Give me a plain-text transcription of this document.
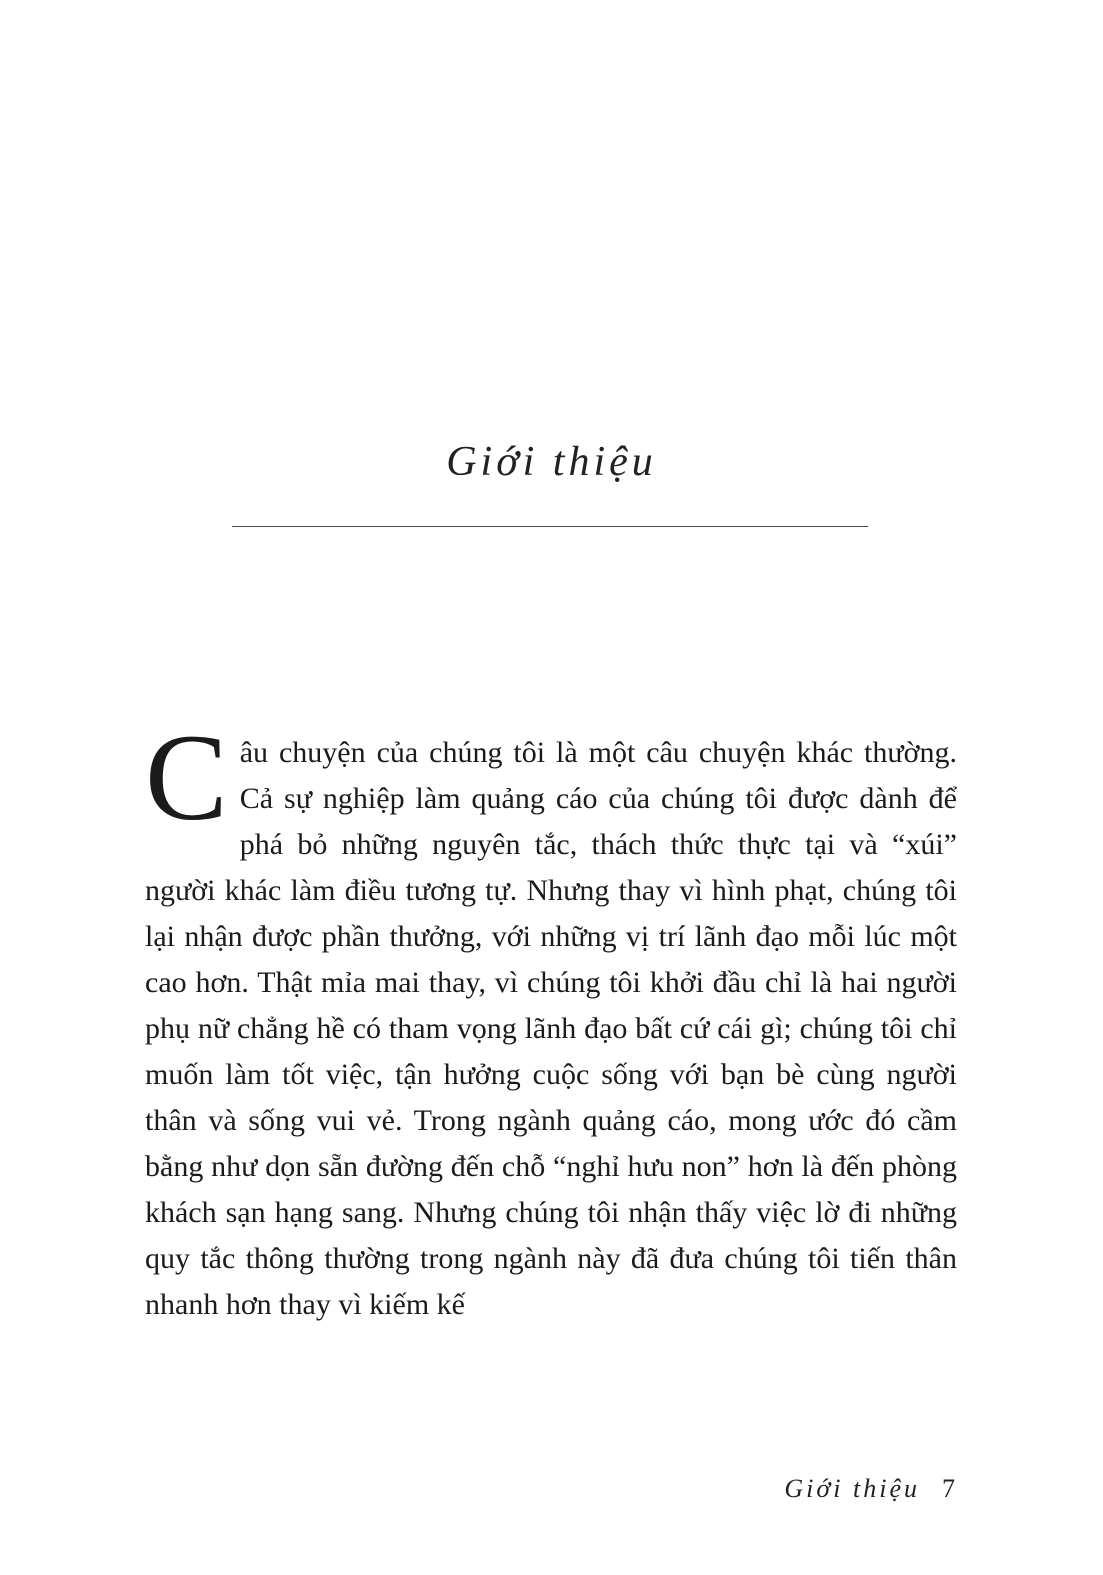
Giới thiệu

Câu chuyện của chúng tôi là một câu chuyện khác thường. Cả sự nghiệp làm quảng cáo của chúng tôi được dành để phá bỏ những nguyên tắc, thách thức thực tại và “xúi” người khác làm điều tương tự. Nhưng thay vì hình phạt, chúng tôi lại nhận được phần thưởng, với những vị trí lãnh đạo mỗi lúc một cao hơn. Thật mỉa mai thay, vì chúng tôi khởi đầu chỉ là hai người phụ nữ chẳng hề có tham vọng lãnh đạo bất cứ cái gì; chúng tôi chỉ muốn làm tốt việc, tận hưởng cuộc sống với bạn bè cùng người thân và sống vui vẻ. Trong ngành quảng cáo, mong ước đó cầm bằng như dọn sẵn đường đến chỗ “nghỉ hưu non” hơn là đến phòng khách sạn hạng sang. Nhưng chúng tôi nhận thấy việc lờ đi những quy tắc thông thường trong ngành này đã đưa chúng tôi tiến thân nhanh hơn thay vì kiếm kế

Giới thiệu 7
